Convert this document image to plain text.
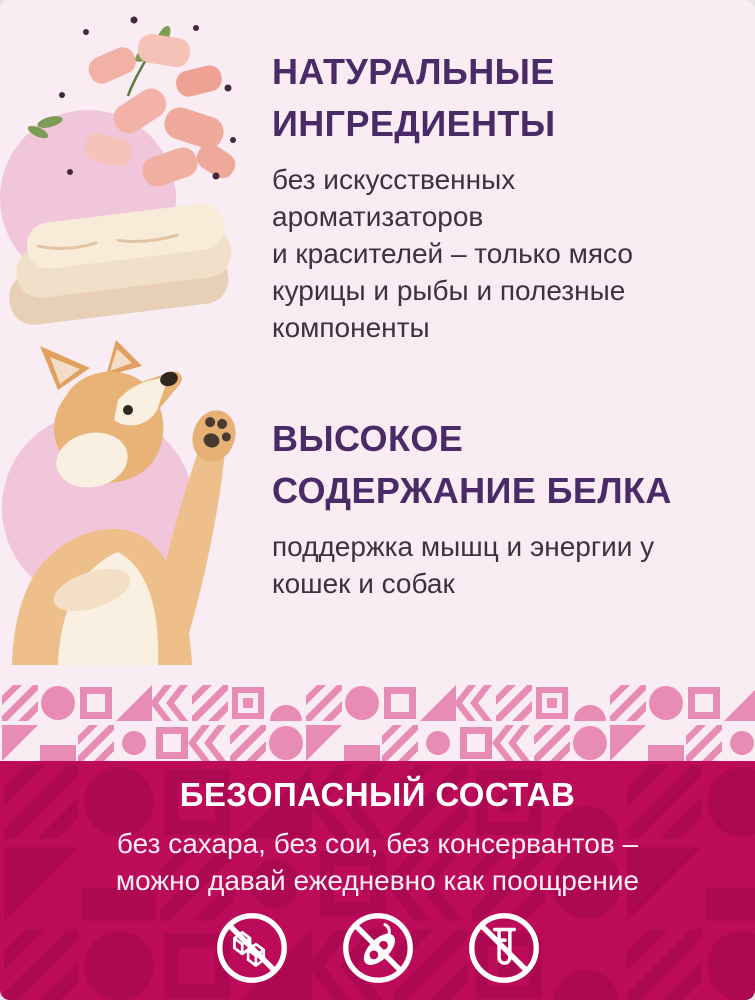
НАТУРАЛЬНЫЕ
ИНГРЕДИЕНТЫ
без искусственных
ароматизаторов
и красителей – только мясо
курицы и рыбы и полезные
компоненты
ВЫСОКОЕ
СОДЕРЖАНИЕ БЕЛКА
поддержка мышц и энергии у
кошек и собак
БЕЗОПАСНЫЙ СОСТАВ
без сахара, без сои, без консервантов –
можно давай ежедневно как поощрение
